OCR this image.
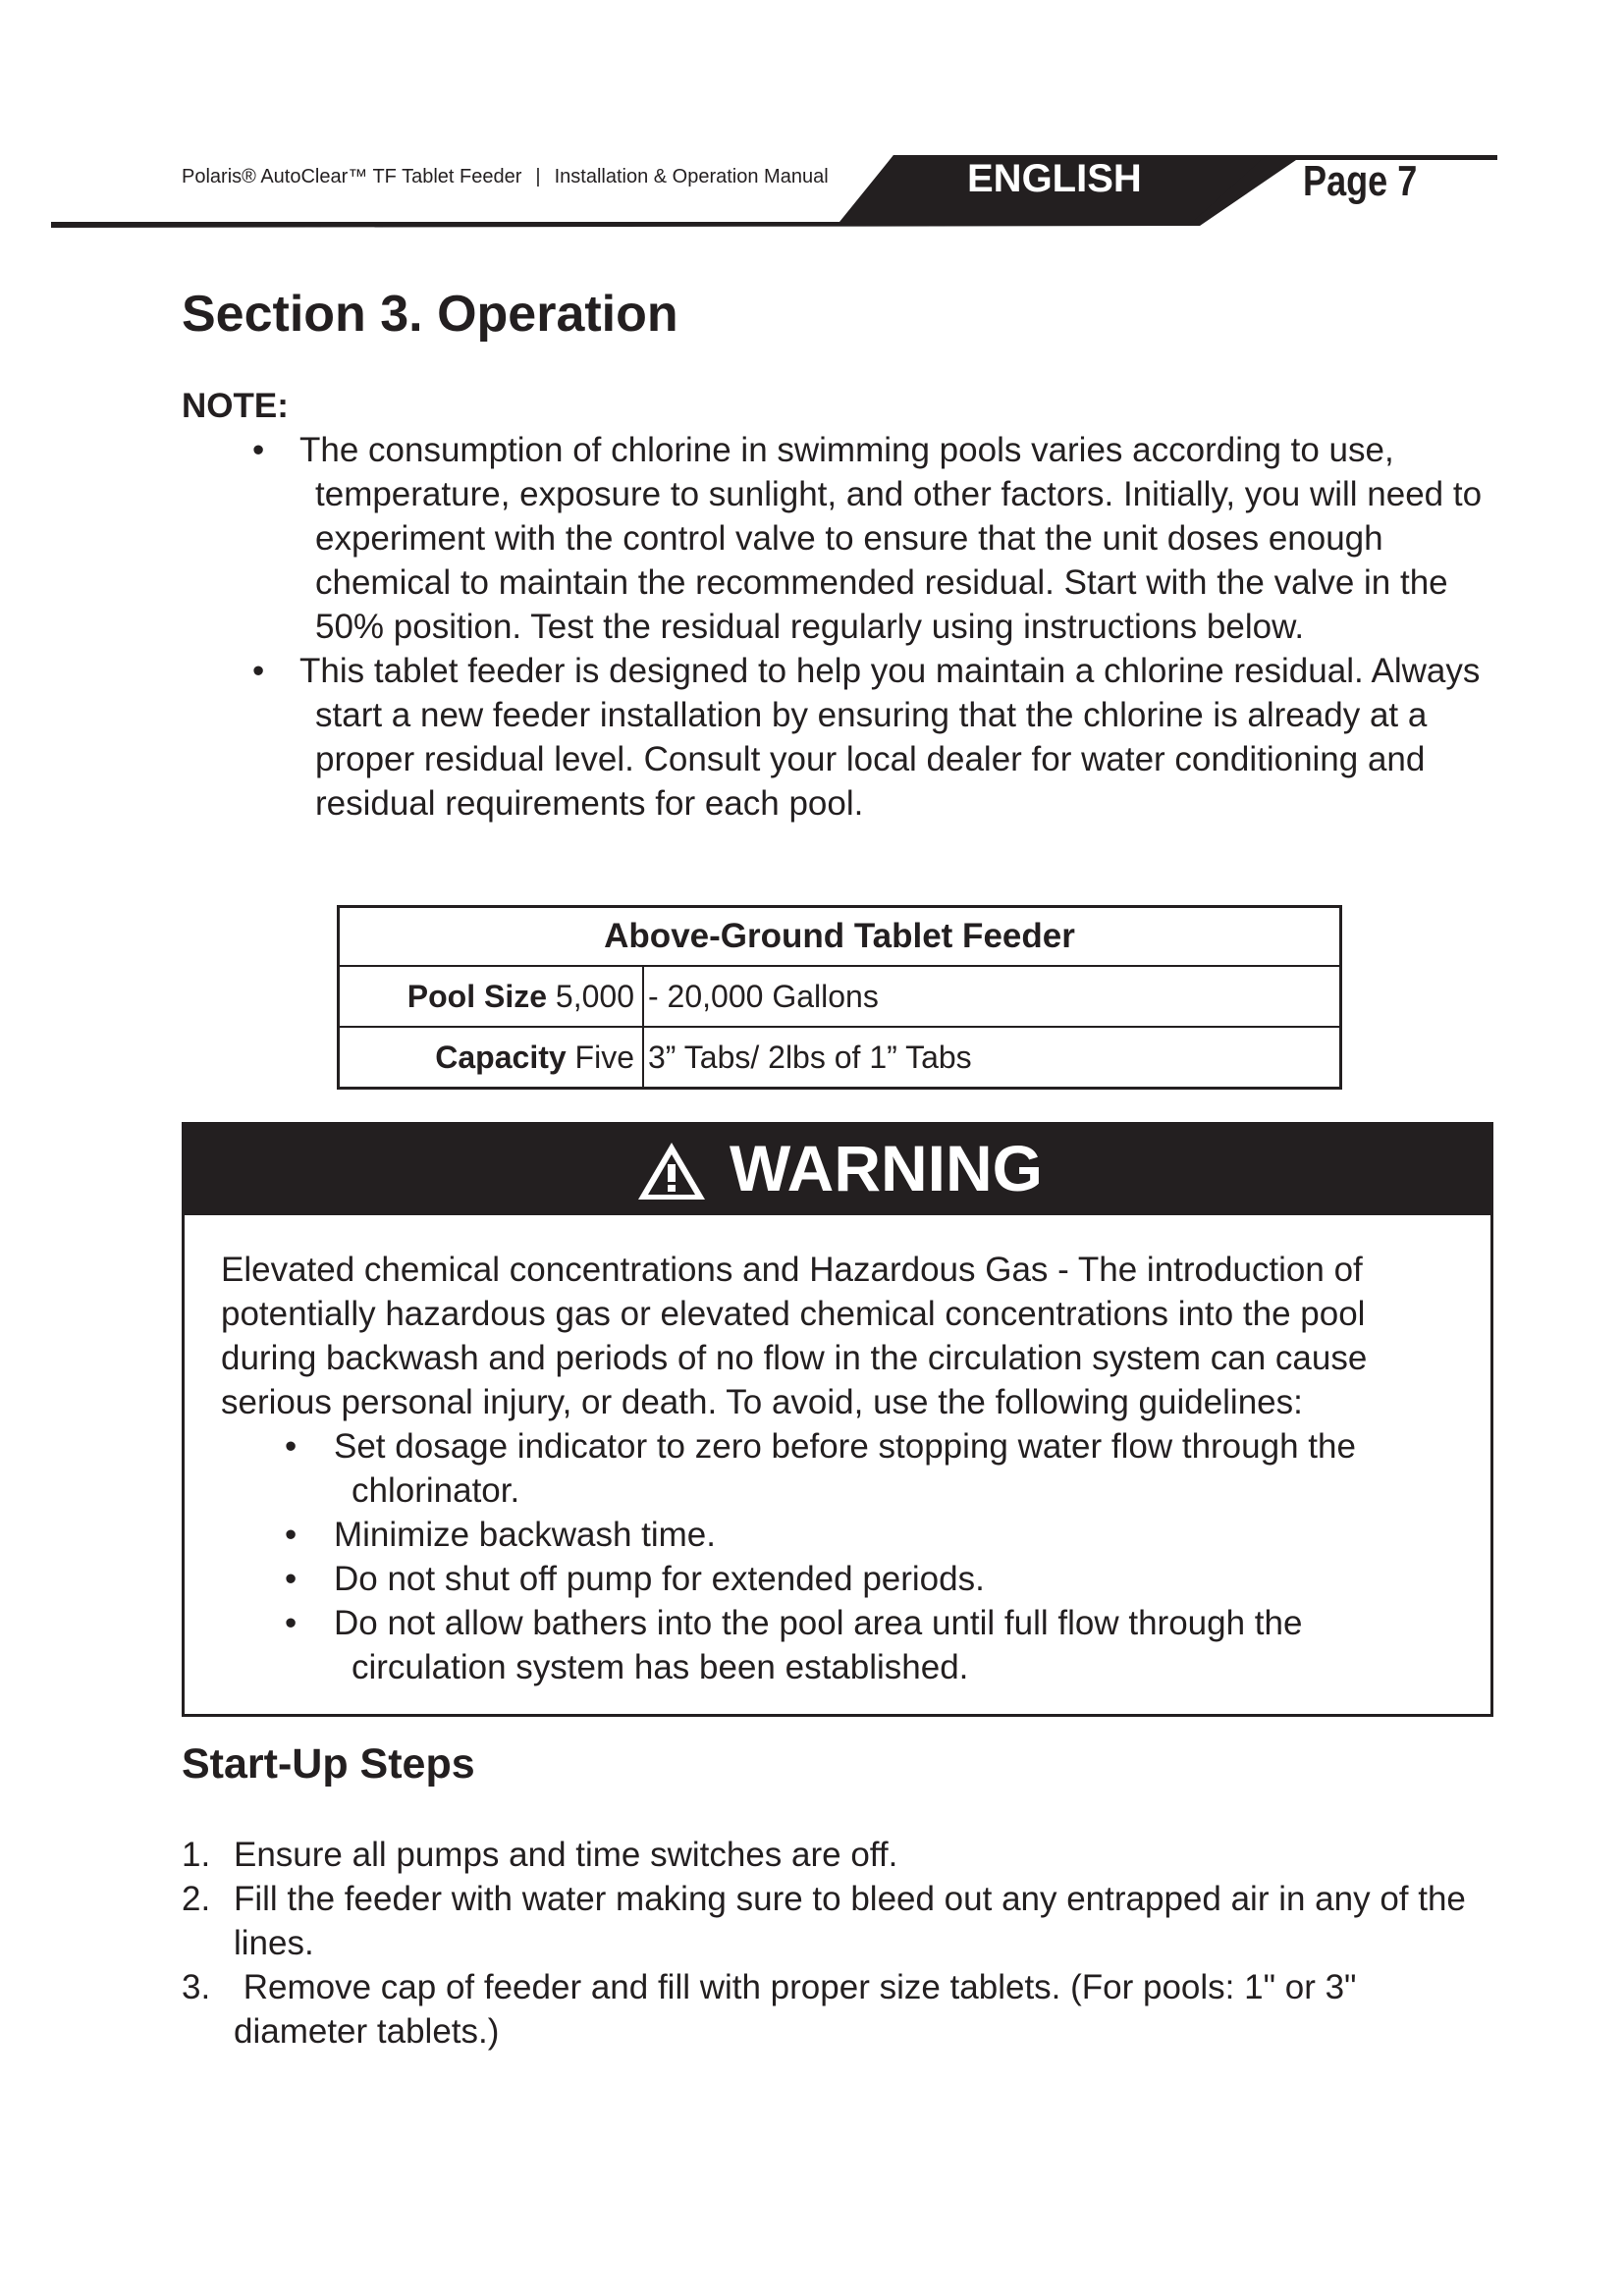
Polaris® AutoClear™ TF Tablet Feeder | Installation & Operation Manual	ENGLISH	Page 7
Section 3. Operation
NOTE:
• The consumption of chlorine in swimming pools varies according to use, temperature, exposure to sunlight, and other factors. Initially, you will need to experiment with the control valve to ensure that the unit doses enough chemical to maintain the recommended residual. Start with the valve in the 50% position. Test the residual regularly using instructions below.
• This tablet feeder is designed to help you maintain a chlorine residual. Always start a new feeder installation by ensuring that the chlorine is already at a proper residual level. Consult your local dealer for water conditioning and residual requirements for each pool.
Above-Ground Tablet Feeder	
Pool Size 5,000	- 20,000 Gallons
Capacity Five	3” Tabs/ 2lbs of 1” Tabs
WARNING
Elevated chemical concentrations and Hazardous Gas - The introduction of potentially hazardous gas or elevated chemical concentrations into the pool during backwash and periods of no flow in the circulation system can cause serious personal injury, or death. To avoid, use the following guidelines:
• Set dosage indicator to zero before stopping water flow through the chlorinator.
• Minimize backwash time.
• Do not shut off pump for extended periods.
• Do not allow bathers into the pool area until full flow through the circulation system has been established.
Start-Up Steps
1. Ensure all pumps and time switches are off.
2. Fill the feeder with water making sure to bleed out any entrapped air in any of the lines.
3. Remove cap of feeder and fill with proper size tablets. (For pools: 1" or 3" diameter tablets.)
